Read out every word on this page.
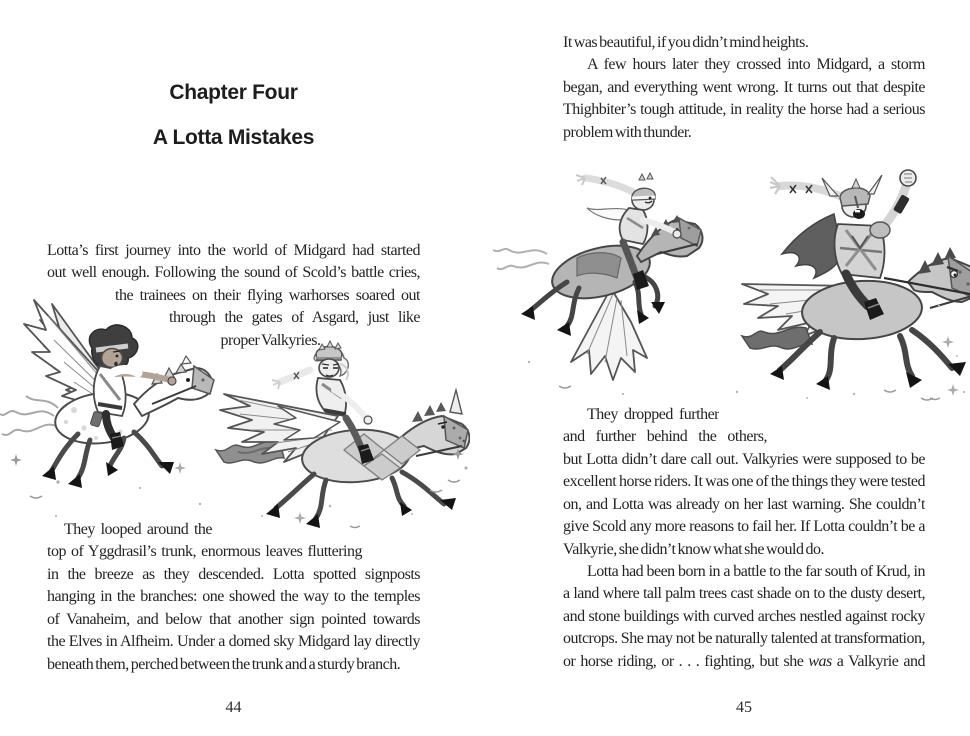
Chapter Four
A Lotta Mistakes
Lotta’s first journey into the world of Midgard had started
out well enough. Following the sound of Scold’s battle cries,
the trainees on their flying warhorses soared out
through the gates of Asgard, just like
proper Valkyries.
They looped around the
top of Yggdrasil’s trunk, enormous leaves fluttering
in the breeze as they descended. Lotta spotted signposts
hanging in the branches: one showed the way to the temples
of Vanaheim, and below that another sign pointed towards
the Elves in Alfheim. Under a domed sky Midgard lay directly
beneath them, perched between the trunk and a sturdy branch.
44
It was beautiful, if you didn’t mind heights.
A few hours later they crossed into Midgard, a storm
began, and everything went wrong. It turns out that despite
Thighbiter’s tough attitude, in reality the horse had a serious
problem with thunder.
They dropped further
and further behind the others,
but Lotta didn’t dare call out. Valkyries were supposed to be
excellent horse riders. It was one of the things they were tested
on, and Lotta was already on her last warning. She couldn’t
give Scold any more reasons to fail her. If Lotta couldn’t be a
Valkyrie, she didn’t know what she would do.
Lotta had been born in a battle to the far south of Krud, in
a land where tall palm trees cast shade on to the dusty desert,
and stone buildings with curved arches nestled against rocky
outcrops. She may not be naturally talented at transformation,
or horse riding, or . . . fighting, but she was a Valkyrie and
45
